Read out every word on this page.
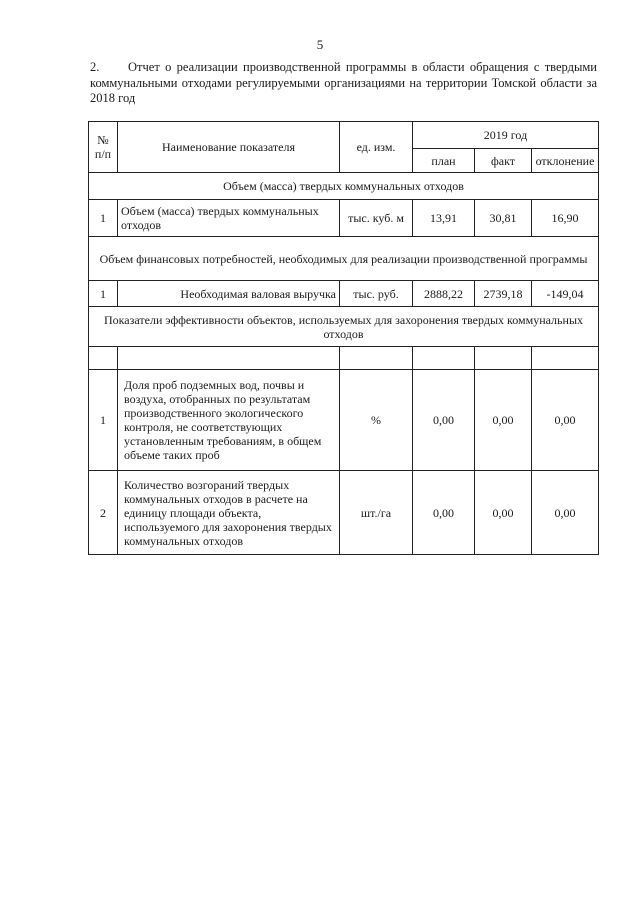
5
2. Отчет о реализации производственной программы в области обращения с твердыми коммунальными отходами регулируемыми организациями на территории Томской области за 2018 год
№ п/п	Наименование показателя	ед. изм.	2019 год		
			план	факт	отклонение
Объем (масса) твердых коммунальных отходов					
1	Объем (масса) твердых коммунальных отходов	тыс. куб. м	13,91	30,81	16,90
Объем финансовых потребностей, необходимых для реализации производственной программы					
1	Необходимая валовая выручка	тыс. руб.	2888,22	2739,18	-149,04
Показатели эффективности объектов, используемых для захоронения твердых коммунальных отходов					

1	Доля проб подземных вод, почвы и воздуха, отобранных по результатам производственного экологического контроля, не соответствующих установленным требованиям, в общем объеме таких проб	%	0,00	0,00	0,00
2	Количество возгораний твердых коммунальных отходов в расчете на единицу площади объекта, используемого для захоронения твердых коммунальных отходов	шт./га	0,00	0,00	0,00
